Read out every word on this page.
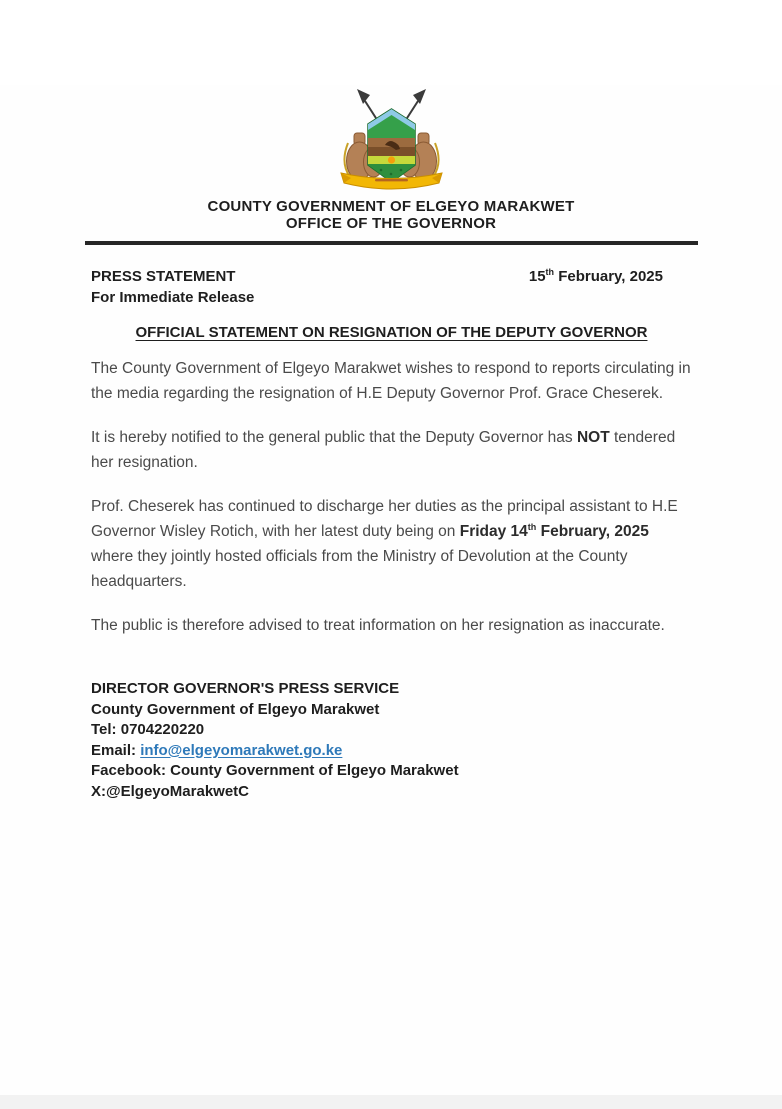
COUNTY GOVERNMENT OF ELGEYO MARAKWET
OFFICE OF THE GOVERNOR
PRESS STATEMENT
For Immediate Release
15th February, 2025
OFFICIAL STATEMENT ON RESIGNATION OF THE DEPUTY GOVERNOR

The County Government of Elgeyo Marakwet wishes to respond to reports circulating in the media regarding the resignation of H.E Deputy Governor Prof. Grace Cheserek.

It is hereby notified to the general public that the Deputy Governor has NOT tendered her resignation.

Prof. Cheserek has continued to discharge her duties as the principal assistant to H.E Governor Wisley Rotich, with her latest duty being on Friday 14th February, 2025 where they jointly hosted officials from the Ministry of Devolution at the County headquarters.

The public is therefore advised to treat information on her resignation as inaccurate.

DIRECTOR GOVERNOR'S PRESS SERVICE
County Government of Elgeyo Marakwet
Tel: 0704220220
Email: info@elgeyomarakwet.go.ke
Facebook: County Government of Elgeyo Marakwet
X:@ElgeyoMarakwetC
